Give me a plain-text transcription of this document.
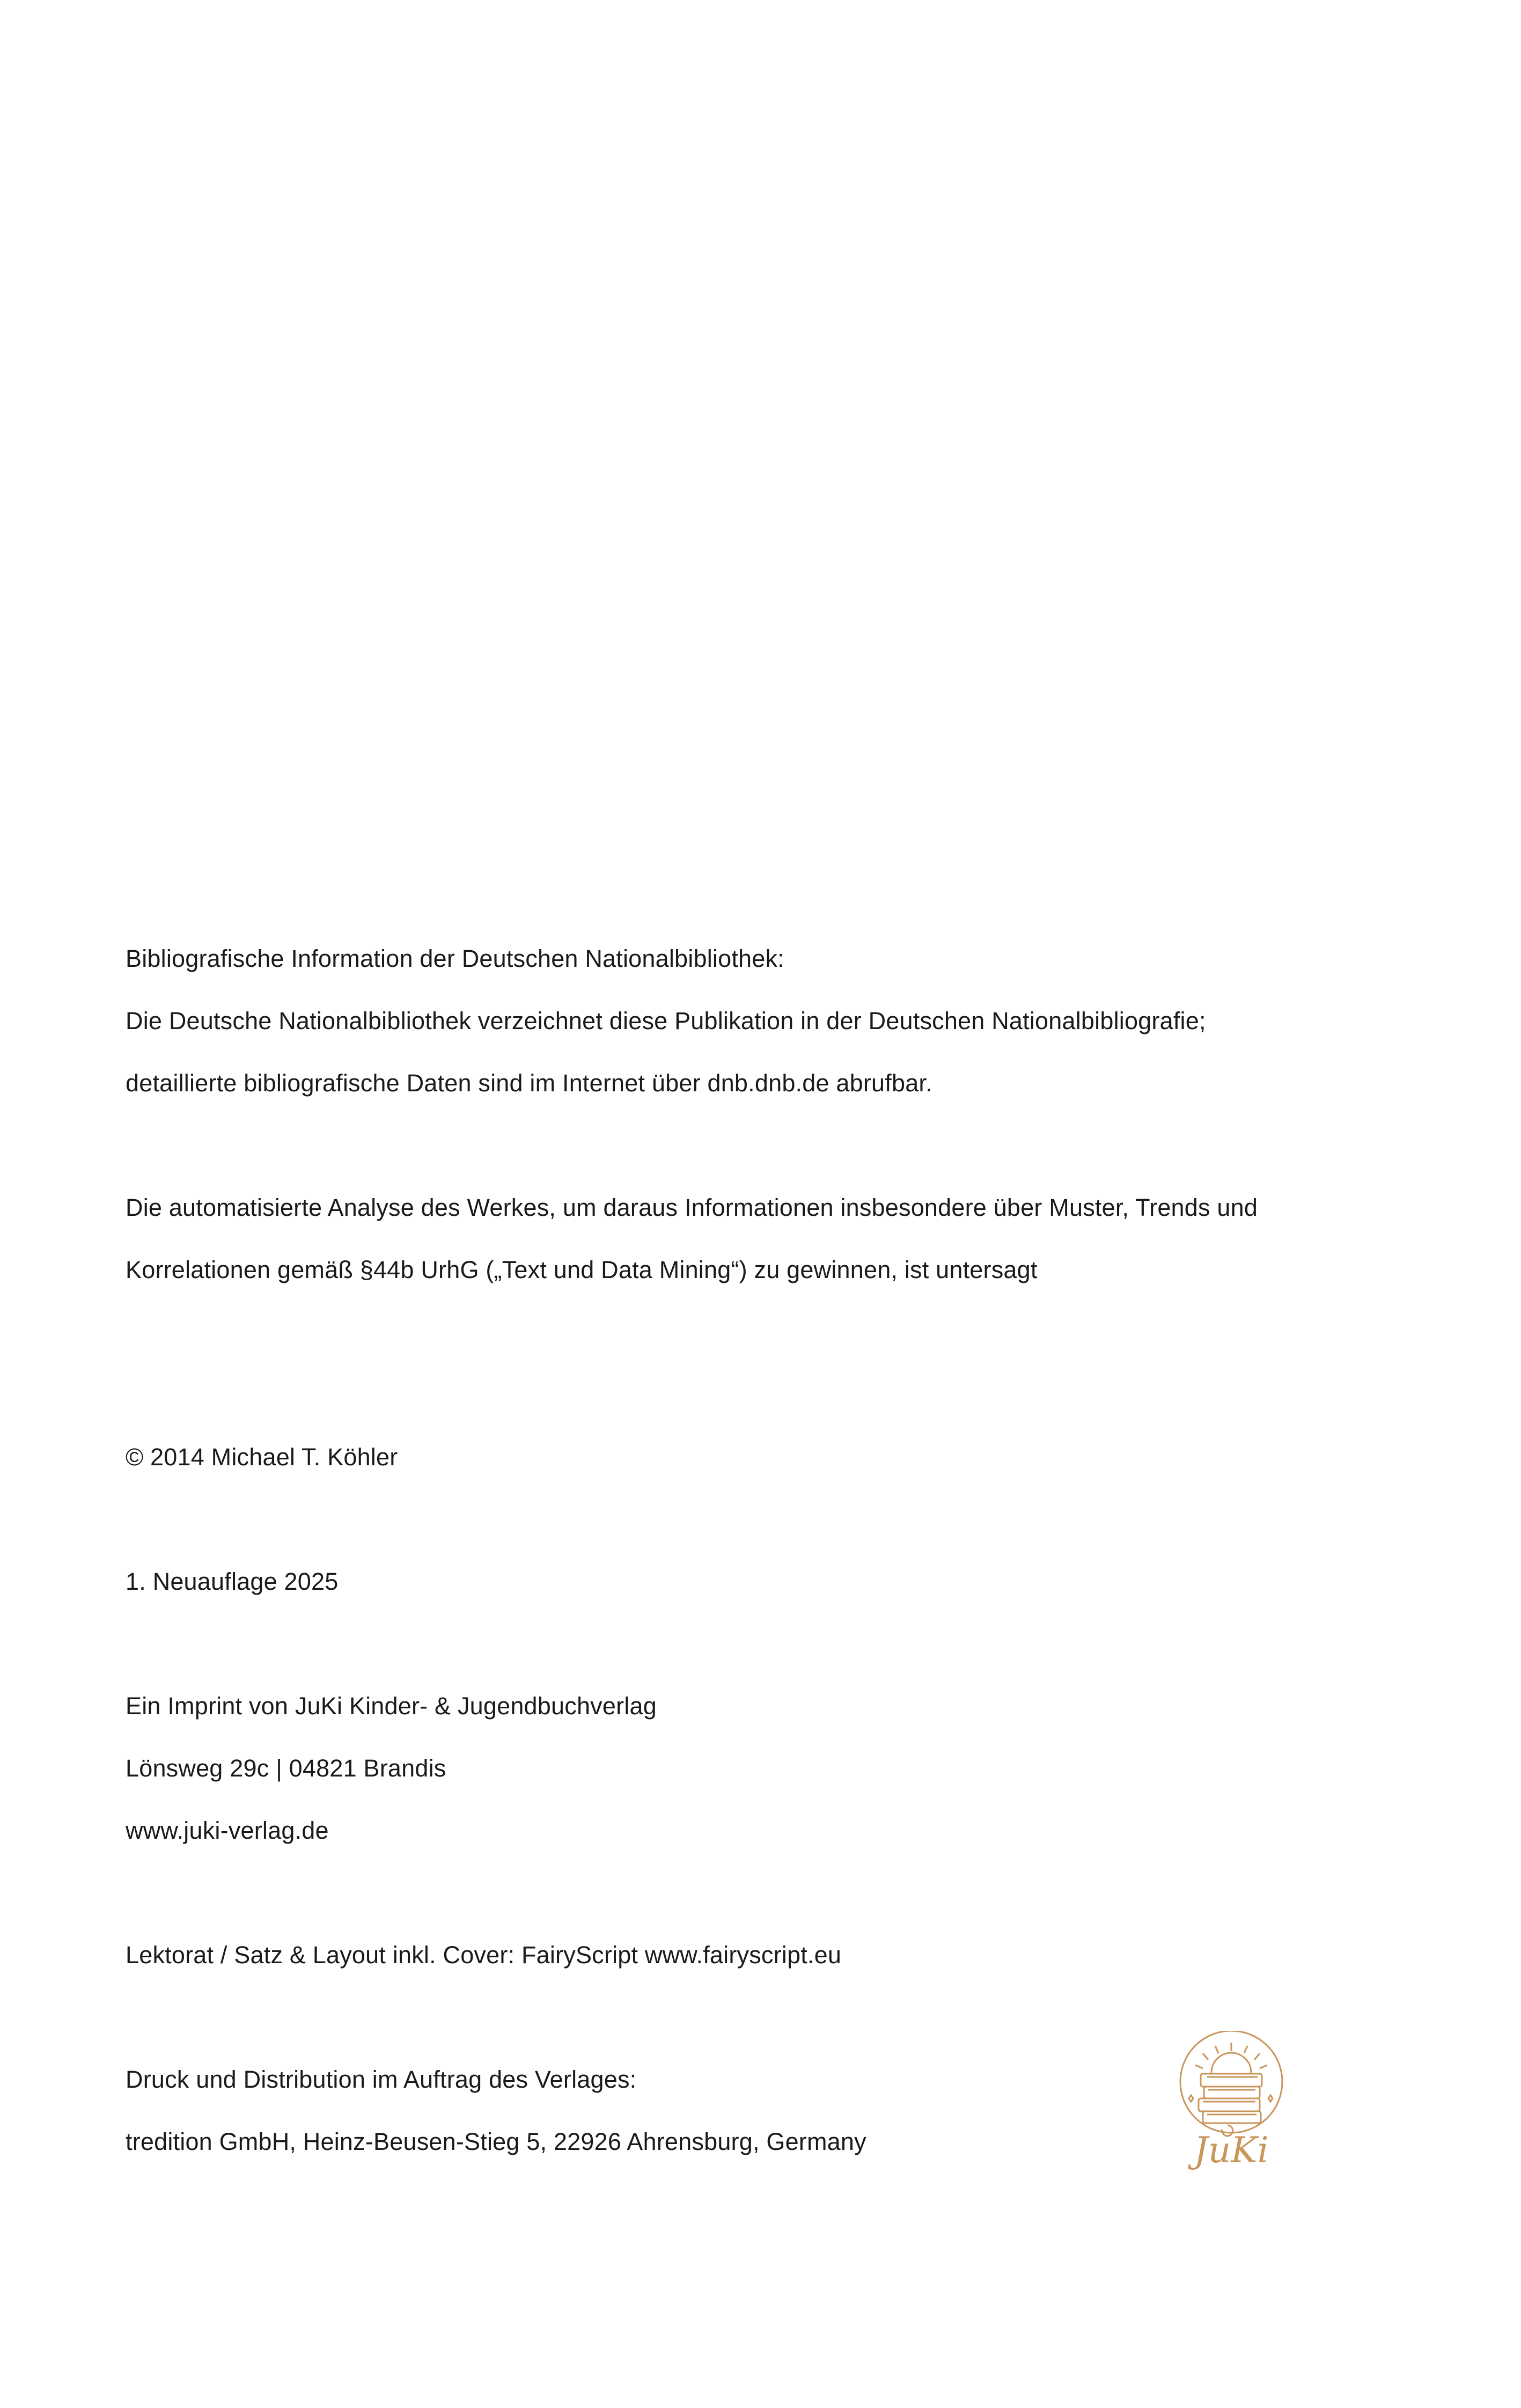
Bibliografische Information der Deutschen Nationalbibliothek:
Die Deutsche Nationalbibliothek verzeichnet diese Publikation in der Deutschen Nationalbibliografie;
detaillierte bibliografische Daten sind im Internet über dnb.dnb.de abrufbar.
Die automatisierte Analyse des Werkes, um daraus Informationen insbesondere über Muster, Trends und
Korrelationen gemäß §44b UrhG („Text und Data Mining“) zu gewinnen, ist untersagt
© 2014 Michael T. Köhler
1. Neuauflage 2025
Ein Imprint von JuKi Kinder- & Jugendbuchverlag
Lönsweg 29c | 04821 Brandis
www.juki-verlag.de
Lektorat / Satz & Layout inkl. Cover: FairyScript www.fairyscript.eu
Druck und Distribution im Auftrag des Verlages:
tredition GmbH, Heinz-Beusen-Stieg 5, 22926 Ahrensburg, Germany	JuKi
